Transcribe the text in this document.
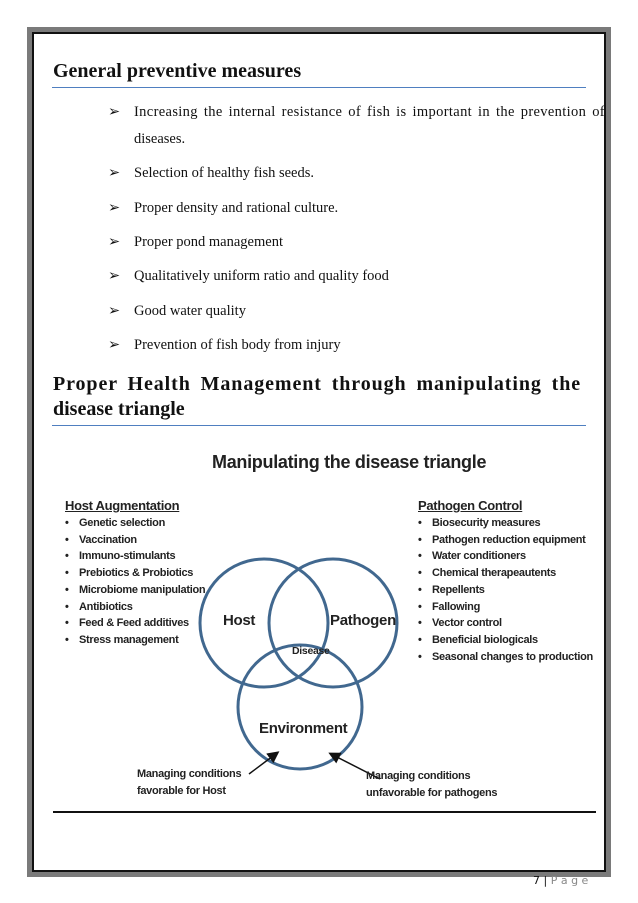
General preventive measures
➢ Increasing the internal resistance of fish is important in the prevention of
diseases.
➢ Selection of healthy fish seeds.
➢ Proper density and rational culture.
➢ Proper pond management
➢ Qualitatively uniform ratio and quality food
➢ Good water quality
➢ Prevention of fish body from injury
Proper Health Management through manipulating the
disease triangle
Manipulating the disease triangle
Host Augmentation
• Genetic selection
• Vaccination
• Immuno-stimulants
• Prebiotics & Probiotics
• Microbiome manipulation
• Antibiotics
• Feed & Feed additives
• Stress management
Pathogen Control
• Biosecurity measures
• Pathogen reduction equipment
• Water conditioners
• Chemical therapeautents
• Repellents
• Fallowing
• Vector control
• Beneficial biologicals
• Seasonal changes to production
Host	Pathogen
Disease
Environment
Managing conditions
favorable for Host
Managing conditions
unfavorable for pathogens
7 | P a g e
